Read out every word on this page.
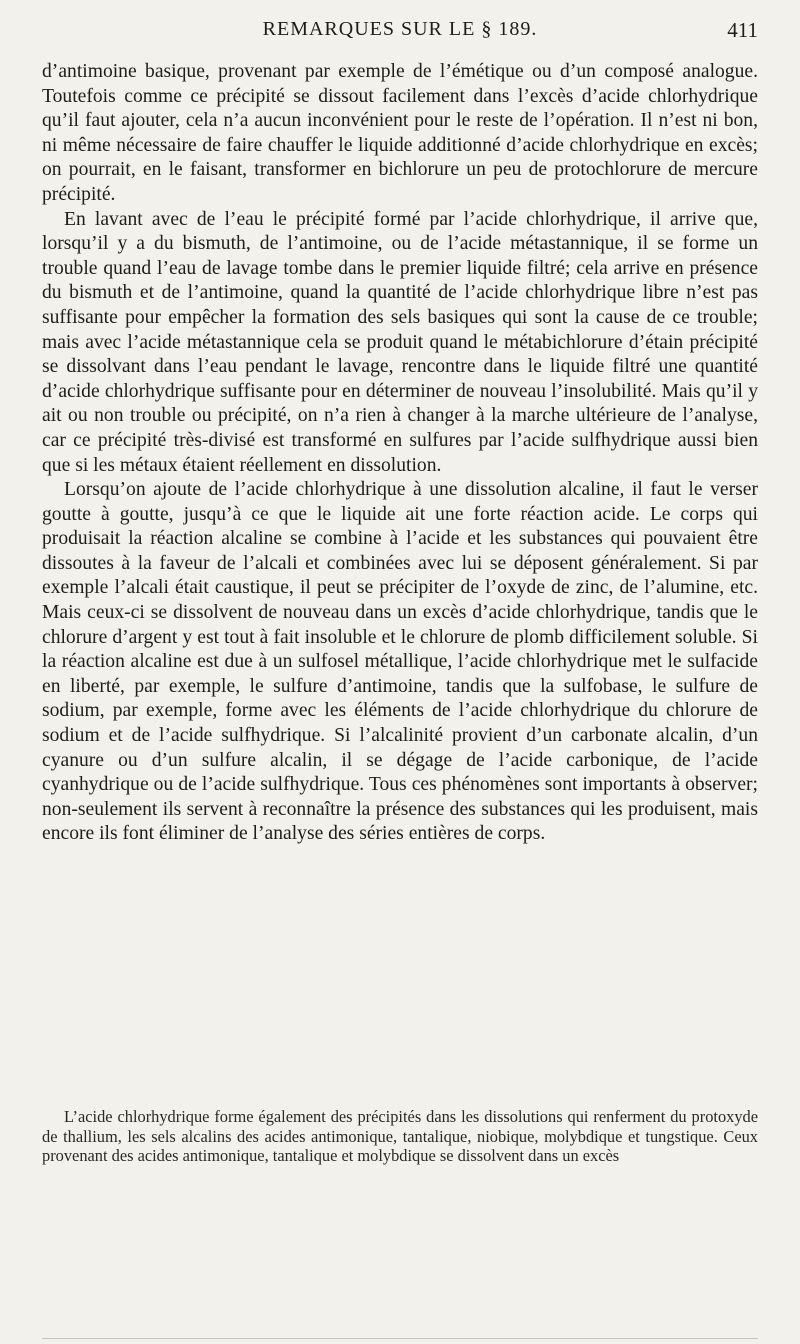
REMARQUES SUR LE § 189.	411

d’antimoine basique, provenant par exemple de l’émétique ou d’un composé analogue. Toutefois comme ce précipité se dissout facilement dans l’excès d’acide chlorhydrique qu’il faut ajouter, cela n’a aucun inconvénient pour le reste de l’opération. Il n’est ni bon, ni même nécessaire de faire chauffer le liquide additionné d’acide chlorhydrique en excès; on pourrait, en le faisant, transformer en bichlorure un peu de protochlorure de mercure précipité.

En lavant avec de l’eau le précipité formé par l’acide chlorhydrique, il arrive que, lorsqu’il y a du bismuth, de l’antimoine, ou de l’acide métastannique, il se forme un trouble quand l’eau de lavage tombe dans le premier liquide filtré; cela arrive en présence du bismuth et de l’antimoine, quand la quantité de l’acide chlorhydrique libre n’est pas suffisante pour empêcher la formation des sels basiques qui sont la cause de ce trouble; mais avec l’acide métastannique cela se produit quand le métabichlorure d’étain précipité se dissolvant dans l’eau pendant le lavage, rencontre dans le liquide filtré une quantité d’acide chlorhydrique suffisante pour en déterminer de nouveau l’insolubilité. Mais qu’il y ait ou non trouble ou précipité, on n’a rien à changer à la marche ultérieure de l’analyse, car ce précipité très-divisé est transformé en sulfures par l’acide sulfhydrique aussi bien que si les métaux étaient réellement en dissolution.

Lorsqu’on ajoute de l’acide chlorhydrique à une dissolution alcaline, il faut le verser goutte à goutte, jusqu’à ce que le liquide ait une forte réaction acide. Le corps qui produisait la réaction alcaline se combine à l’acide et les substances qui pouvaient être dissoutes à la faveur de l’alcali et combinées avec lui se déposent généralement. Si par exemple l’alcali était caustique, il peut se précipiter de l’oxyde de zinc, de l’alumine, etc. Mais ceux-ci se dissolvent de nouveau dans un excès d’acide chlorhydrique, tandis que le chlorure d’argent y est tout à fait insoluble et le chlorure de plomb difficilement soluble. Si la réaction alcaline est due à un sulfosel métallique, l’acide chlorhydrique met le sulfacide en liberté, par exemple, le sulfure d’antimoine, tandis que la sulfobase, le sulfure de sodium, par exemple, forme avec les éléments de l’acide chlorhydrique du chlorure de sodium et de l’acide sulfhydrique. Si l’alcalinité provient d’un carbonate alcalin, d’un cyanure ou d’un sulfure alcalin, il se dégage de l’acide carbonique, de l’acide cyanhydrique ou de l’acide sulfhydrique. Tous ces phénomènes sont importants à observer; non-seulement ils servent à reconnaître la présence des substances qui les produisent, mais encore ils font éliminer de l’analyse des séries entières de corps.

L’acide chlorhydrique forme également des précipités dans les dissolutions qui renferment du protoxyde de thallium, les sels alcalins des acides antimonique, tantalique, niobique, molybdique et tungstique. Ceux provenant des acides antimonique, tantalique et molybdique se dissolvent dans un excès
